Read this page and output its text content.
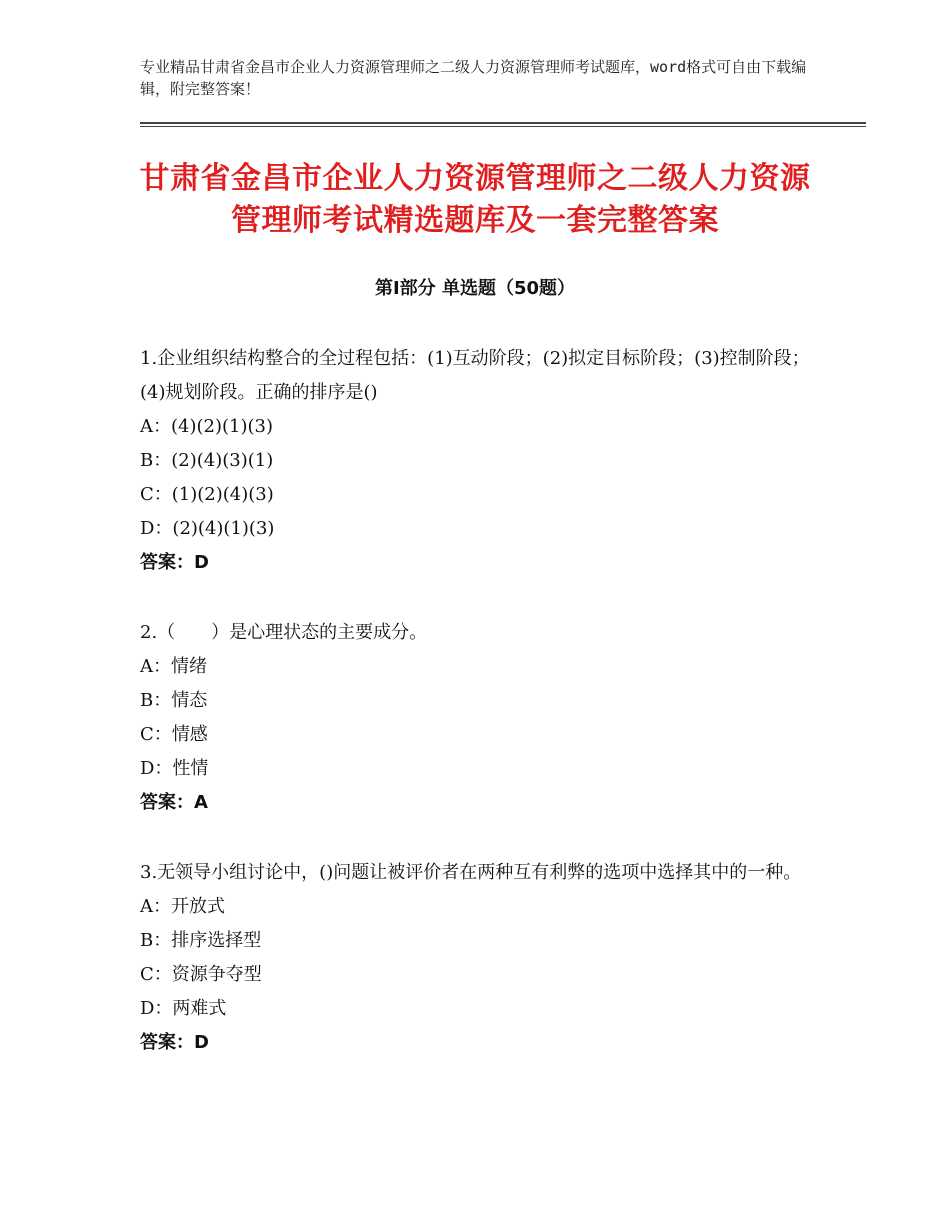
专业精品甘肃省金昌市企业人力资源管理师之二级人力资源管理师考试题库，word格式可自由下载编辑，附完整答案！
甘肃省金昌市企业人力资源管理师之二级人力资源管理师考试精选题库及一套完整答案
第Ⅰ部分 单选题（50题）
1.企业组织结构整合的全过程包括：(1)互动阶段；(2)拟定目标阶段；(3)控制阶段；(4)规划阶段。正确的排序是()
A：(4)(2)(1)(3)
B：(2)(4)(3)(1)
C：(1)(2)(4)(3)
D：(2)(4)(1)(3)
答案：D
2.（　　）是心理状态的主要成分。
A：情绪
B：情态
C：情感
D：性情
答案：A
3.无领导小组讨论中，()问题让被评价者在两种互有利弊的选项中选择其中的一种。
A：开放式
B：排序选择型
C：资源争夺型
D：两难式
答案：D
